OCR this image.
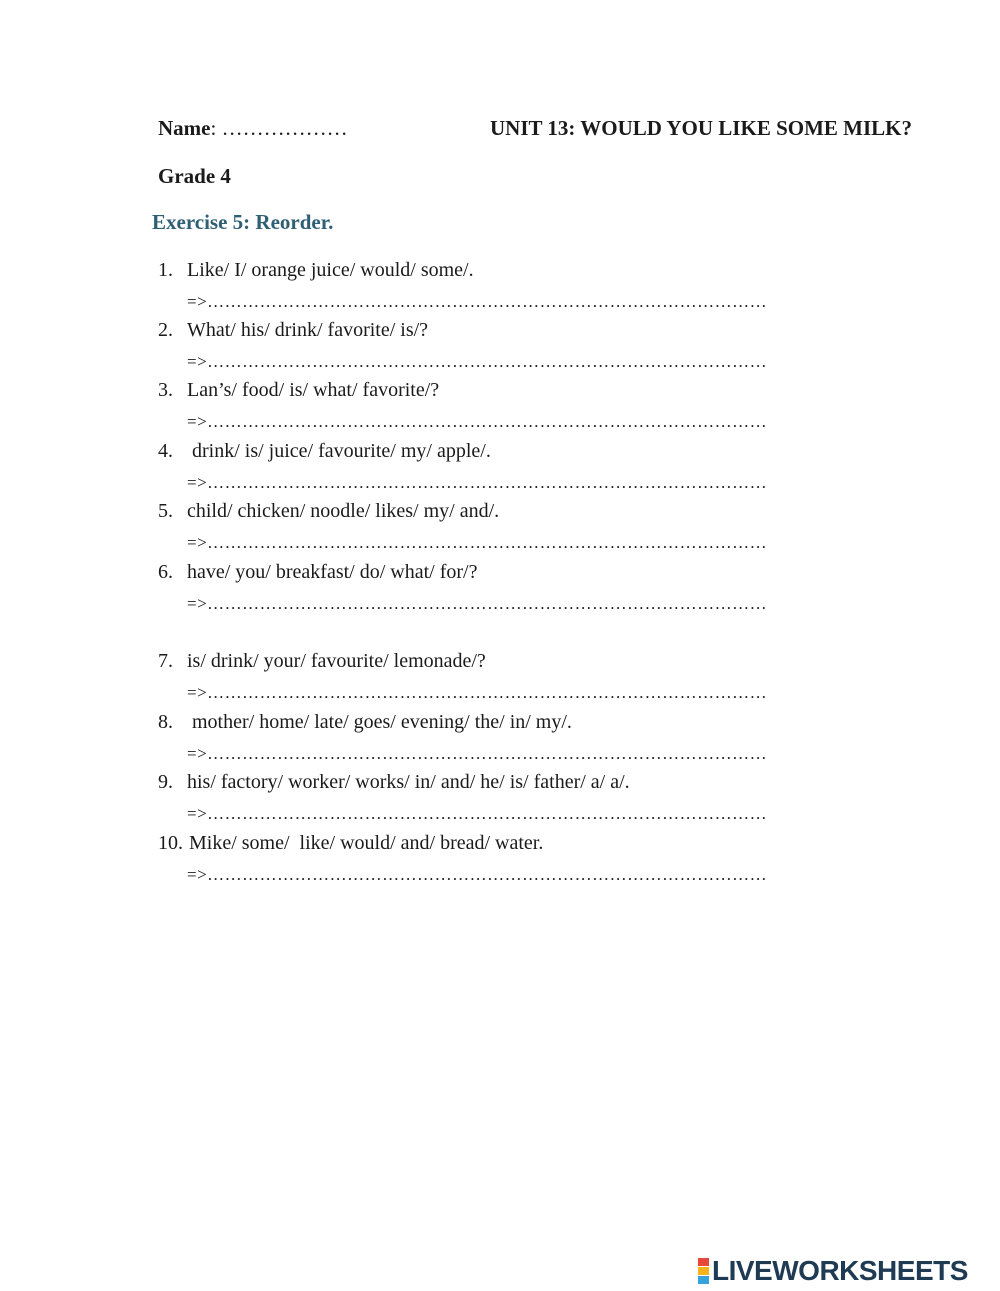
Name: ………………	UNIT 13: WOULD YOU LIKE SOME MILK?
Grade 4
Exercise 5: Reorder.
1. Like/ I/ orange juice/ would/ some/.
=>……………………………………………………………………………………
2. What/ his/ drink/ favorite/ is/?
=>……………………………………………………………………………………
3. Lan’s/ food/ is/ what/ favorite/?
=>……………………………………………………………………………………
4. drink/ is/ juice/ favourite/ my/ apple/.
=>……………………………………………………………………………………
5. child/ chicken/ noodle/ likes/ my/ and/.
=>……………………………………………………………………………………
6. have/ you/ breakfast/ do/ what/ for/?
=>……………………………………………………………………………………
7. is/ drink/ your/ favourite/ lemonade/?
=>……………………………………………………………………………………
8. mother/ home/ late/ goes/ evening/ the/ in/ my/.
=>……………………………………………………………………………………
9. his/ factory/ worker/ works/ in/ and/ he/ is/ father/ a/ a/.
=>……………………………………………………………………………………
10. Mike/ some/  like/ would/ and/ bread/ water.
=>……………………………………………………………………………………
LIVEWORKSHEETS
